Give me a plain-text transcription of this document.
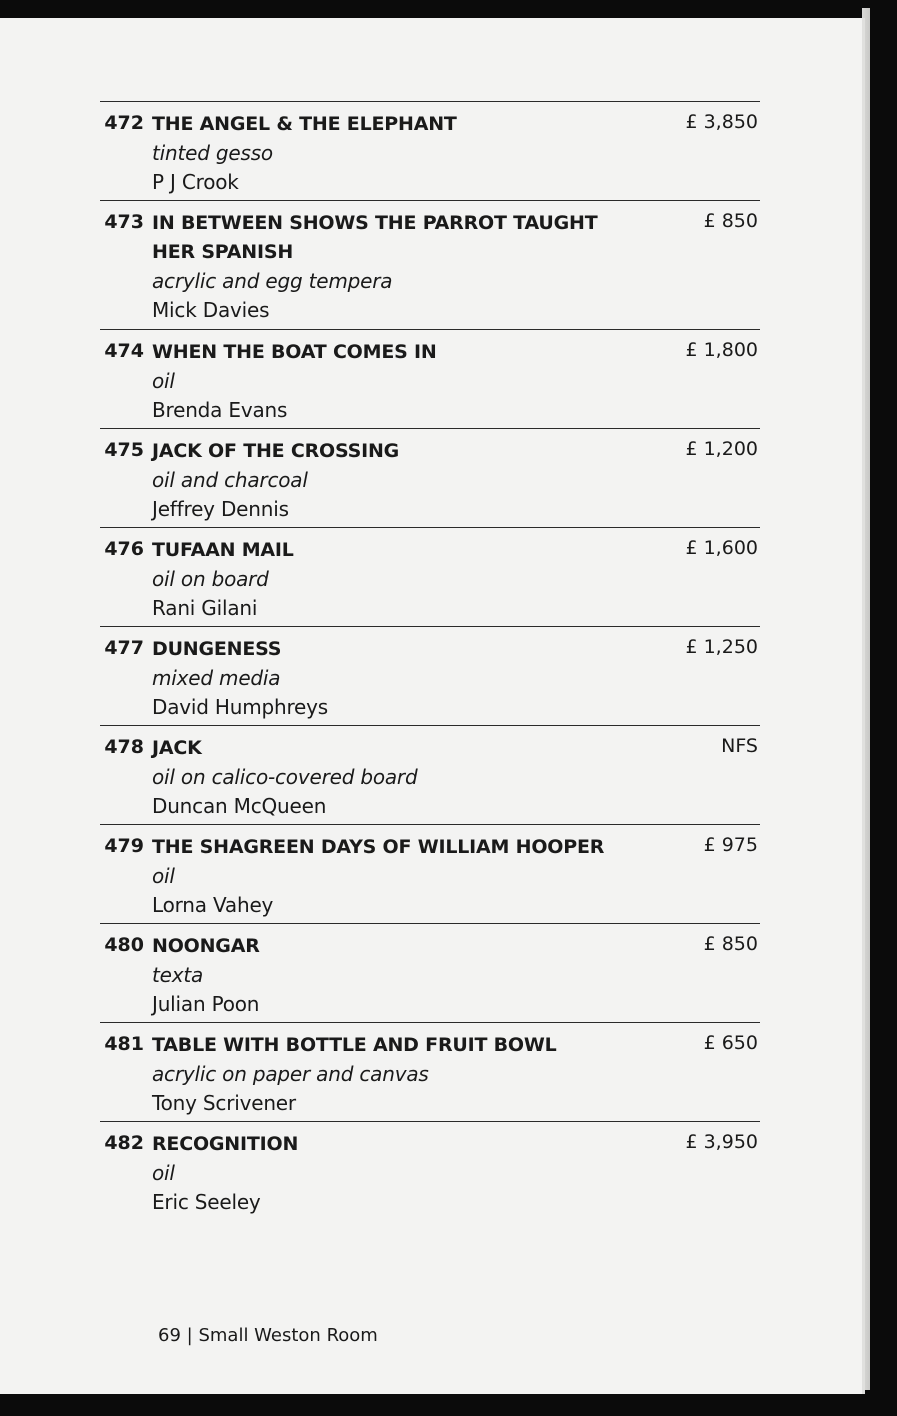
472 THE ANGEL & THE ELEPHANT
tinted gesso
P J Crook
£ 3,850
473 IN BETWEEN SHOWS THE PARROT TAUGHT HER SPANISH
acrylic and egg tempera
Mick Davies
£ 850
474 WHEN THE BOAT COMES IN
oil
Brenda Evans
£ 1,800
475 JACK OF THE CROSSING
oil and charcoal
Jeffrey Dennis
£ 1,200
476 TUFAAN MAIL
oil on board
Rani Gilani
£ 1,600
477 DUNGENESS
mixed media
David Humphreys
£ 1,250
478 JACK
oil on calico-covered board
Duncan McQueen
NFS
479 THE SHAGREEN DAYS OF WILLIAM HOOPER
oil
Lorna Vahey
£ 975
480 NOONGAR
texta
Julian Poon
£ 850
481 TABLE WITH BOTTLE AND FRUIT BOWL
acrylic on paper and canvas
Tony Scrivener
£ 650
482 RECOGNITION
oil
Eric Seeley
£ 3,950
69 | Small Weston Room
